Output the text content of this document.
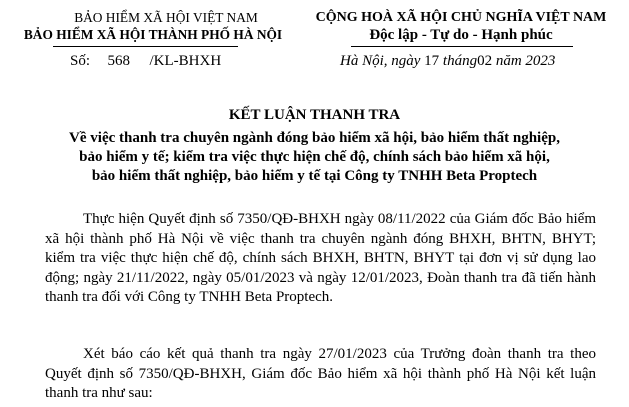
BẢO HIỂM XÃ HỘI VIỆT NAM
BẢO HIỂM XÃ HỘI THÀNH PHỐ HÀ NỘI
Số: 568 /KL-BHXH
CỘNG HOÀ XÃ HỘI CHỦ NGHĨA VIỆT NAM
Độc lập - Tự do - Hạnh phúc
Hà Nội, ngày 17 tháng02 năm 2023
KẾT LUẬN THANH TRA
Về việc thanh tra chuyên ngành đóng bảo hiểm xã hội, bảo hiểm thất nghiệp,
bảo hiểm y tế; kiểm tra việc thực hiện chế độ, chính sách bảo hiểm xã hội,
bảo hiểm thất nghiệp, bảo hiểm y tế tại Công ty TNHH Beta Proptech

Thực hiện Quyết định số 7350/QĐ-BHXH ngày 08/11/2022 của Giám đốc Bảo hiểm xã hội thành phố Hà Nội về việc thanh tra chuyên ngành đóng BHXH, BHTN, BHYT; kiểm tra việc thực hiện chế độ, chính sách BHXH, BHTN, BHYT tại đơn vị sử dụng lao động; ngày 21/11/2022, ngày 05/01/2023 và ngày 12/01/2023, Đoàn thanh tra đã tiến hành thanh tra đối với Công ty TNHH Beta Proptech.

Xét báo cáo kết quả thanh tra ngày 27/01/2023 của Trưởng đoàn thanh tra theo Quyết định số 7350/QĐ-BHXH, Giám đốc Bảo hiểm xã hội thành phố Hà Nội kết luận thanh tra như sau:
